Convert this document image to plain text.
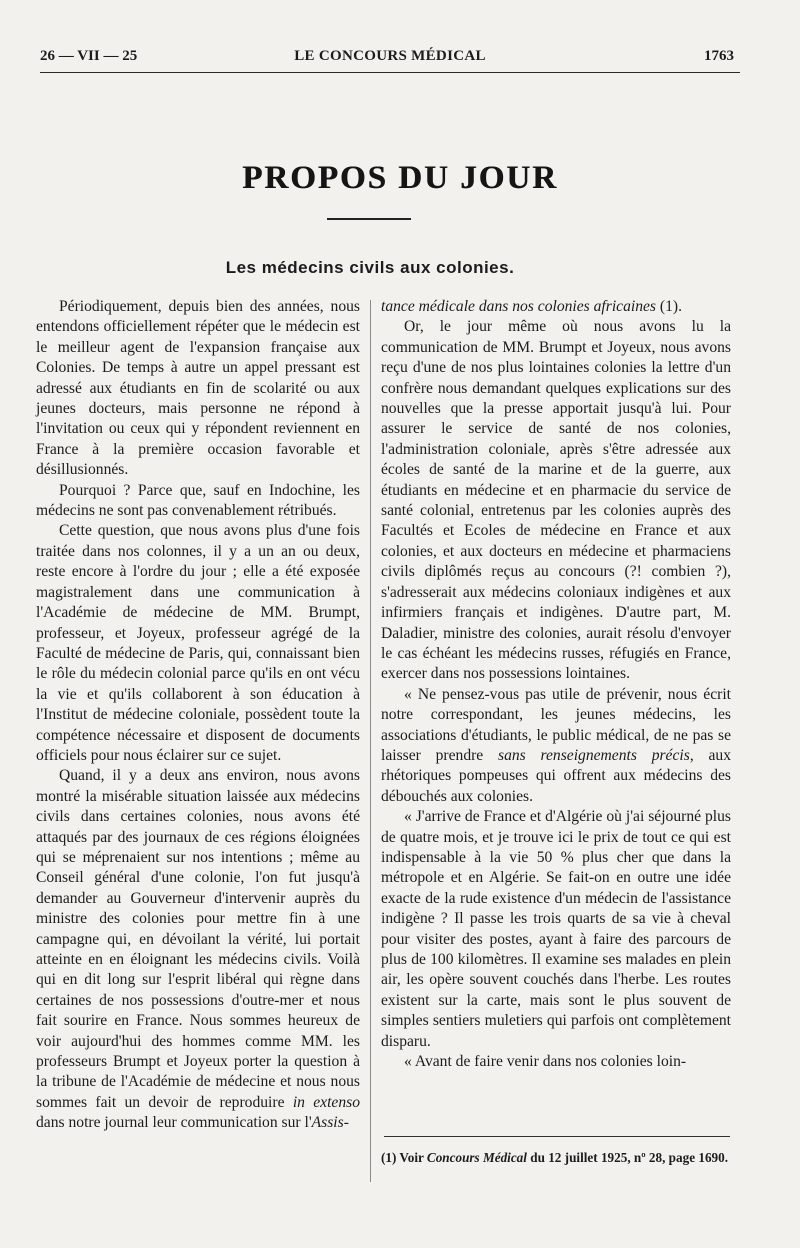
26 — VII — 25	LE CONCOURS MÉDICAL	1763
PROPOS DU JOUR
Les médecins civils aux colonies.

Périodiquement, depuis bien des années, nous entendons officiellement répéter que le médecin est le meilleur agent de l'expansion française aux Colonies. De temps à autre un appel pressant est adressé aux étudiants en fin de scolarité ou aux jeunes docteurs, mais personne ne répond à l'invitation ou ceux qui y répondent reviennent en France à la première occasion favorable et désillusionnés.

Pourquoi ? Parce que, sauf en Indochine, les médecins ne sont pas convenablement rétribués.

Cette question, que nous avons plus d'une fois traitée dans nos colonnes, il y a un an ou deux, reste encore à l'ordre du jour ; elle a été exposée magistralement dans une communication à l'Académie de médecine de MM. Brumpt, professeur, et Joyeux, professeur agrégé de la Faculté de médecine de Paris, qui, connaissant bien le rôle du médecin colonial parce qu'ils en ont vécu la vie et qu'ils collaborent à son éducation à l'Institut de médecine coloniale, possèdent toute la compétence nécessaire et disposent de documents officiels pour nous éclairer sur ce sujet.

Quand, il y a deux ans environ, nous avons montré la misérable situation laissée aux médecins civils dans certaines colonies, nous avons été attaqués par des journaux de ces régions éloignées qui se méprenaient sur nos intentions ; même au Conseil général d'une colonie, l'on fut jusqu'à demander au Gouverneur d'intervenir auprès du ministre des colonies pour mettre fin à une campagne qui, en dévoilant la vérité, lui portait atteinte en en éloignant les médecins civils. Voilà qui en dit long sur l'esprit libéral qui règne dans certaines de nos possessions d'outre-mer et nous fait sourire en France. Nous sommes heureux de voir aujourd'hui des hommes comme MM. les professeurs Brumpt et Joyeux porter la question à la tribune de l'Académie de médecine et nous nous sommes fait un devoir de reproduire in extenso dans notre journal leur communication sur l'Assis-

tance médicale dans nos colonies africaines (1).

Or, le jour même où nous avons lu la communication de MM. Brumpt et Joyeux, nous avons reçu d'une de nos plus lointaines colonies la lettre d'un confrère nous demandant quelques explications sur des nouvelles que la presse apportait jusqu'à lui. Pour assurer le service de santé de nos colonies, l'administration coloniale, après s'être adressée aux écoles de santé de la marine et de la guerre, aux étudiants en médecine et en pharmacie du service de santé colonial, entretenus par les colonies auprès des Facultés et Ecoles de médecine en France et aux colonies, et aux docteurs en médecine et pharmaciens civils diplômés reçus au concours (?! combien ?), s'adresserait aux médecins coloniaux indigènes et aux infirmiers français et indigènes. D'autre part, M. Daladier, ministre des colonies, aurait résolu d'envoyer le cas échéant les médecins russes, réfugiés en France, exercer dans nos possessions lointaines.

« Ne pensez-vous pas utile de prévenir, nous écrit notre correspondant, les jeunes médecins, les associations d'étudiants, le public médical, de ne pas se laisser prendre sans renseignements précis, aux rhétoriques pompeuses qui offrent aux médecins des débouchés aux colonies.

« J'arrive de France et d'Algérie où j'ai séjourné plus de quatre mois, et je trouve ici le prix de tout ce qui est indispensable à la vie 50 % plus cher que dans la métropole et en Algérie. Se fait-on en outre une idée exacte de la rude existence d'un médecin de l'assistance indigène ? Il passe les trois quarts de sa vie à cheval pour visiter des postes, ayant à faire des parcours de plus de 100 kilomètres. Il examine ses malades en plein air, les opère souvent couchés dans l'herbe. Les routes existent sur la carte, mais sont le plus souvent de simples sentiers muletiers qui parfois ont complètement disparu.

« Avant de faire venir dans nos colonies loin-

(1) Voir Concours Médical du 12 juillet 1925, nº 28, page 1690.
